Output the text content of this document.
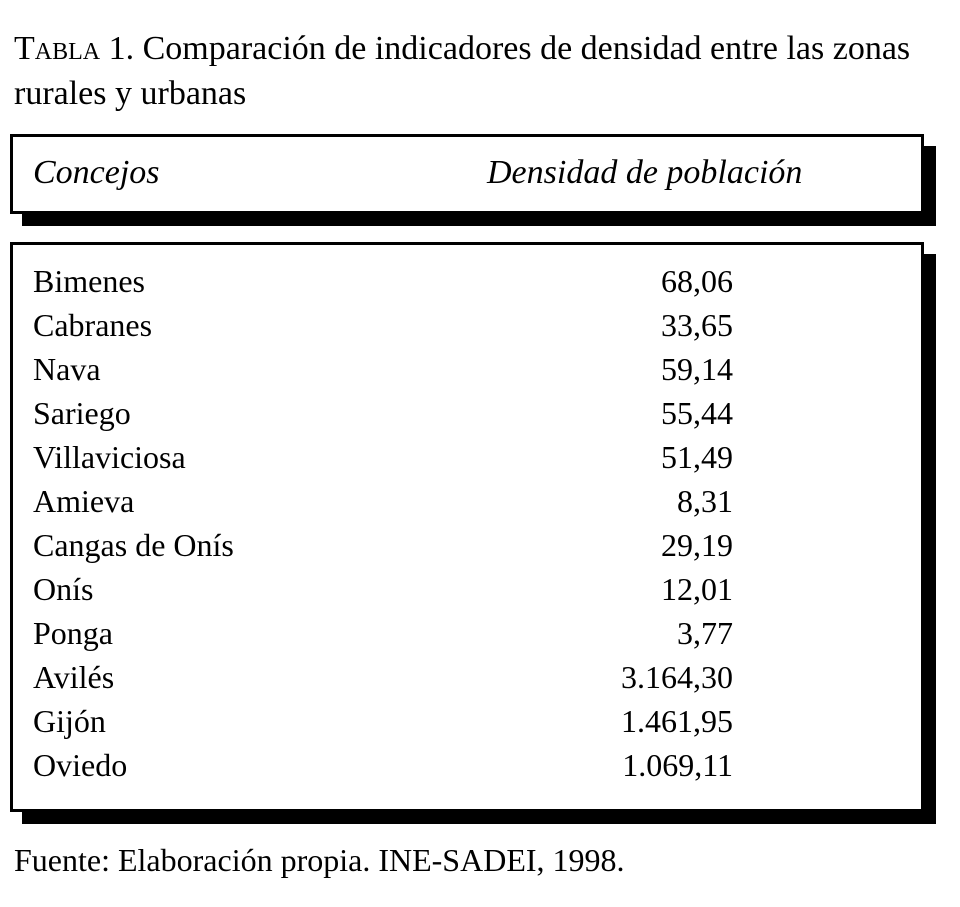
Tabla 1. Comparación de indicadores de densidad entre las zonas rurales y urbanas
Concejos	Densidad de población
Bimenes	68,06
Cabranes	33,65
Nava	59,14
Sariego	55,44
Villaviciosa	51,49
Amieva	8,31
Cangas de Onís	29,19
Onís	12,01
Ponga	3,77
Avilés	3.164,30
Gijón	1.461,95
Oviedo	1.069,11
Fuente: Elaboración propia. INE-SADEI, 1998.
